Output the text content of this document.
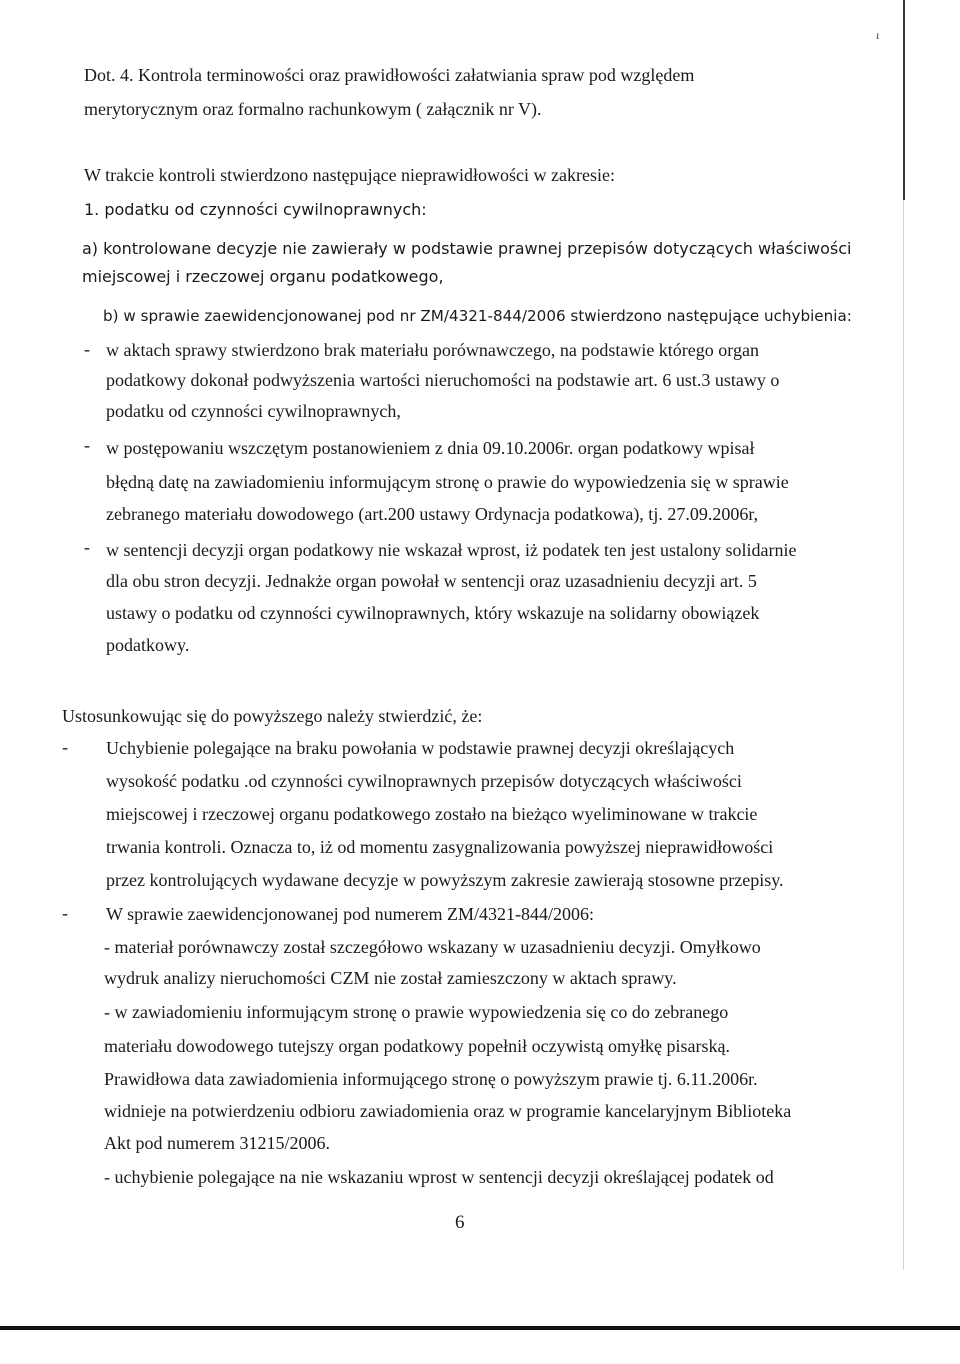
ι
Dot. 4. Kontrola terminowości oraz prawidłowości załatwiania spraw pod względem
merytorycznym oraz formalno rachunkowym ( załącznik nr V).
W trakcie kontroli stwierdzono następujące nieprawidłowości w zakresie:
1. podatku od czynności cywilnoprawnych:
a) kontrolowane decyzje nie zawierały w podstawie prawnej przepisów dotyczących właściwości
miejscowej i rzeczowej organu podatkowego,
b) w sprawie zaewidencjonowanej pod nr ZM/4321-844/2006 stwierdzono następujące uchybienia:
- w aktach sprawy stwierdzono brak materiału porównawczego, na podstawie którego organ
podatkowy dokonał podwyższenia wartości nieruchomości na podstawie art. 6 ust.3 ustawy o
podatku od czynności cywilnoprawnych,
- w postępowaniu wszczętym postanowieniem z dnia 09.10.2006r. organ podatkowy wpisał
błędną datę na zawiadomieniu informującym stronę o prawie do wypowiedzenia się w sprawie
zebranego materiału dowodowego (art.200 ustawy Ordynacja podatkowa), tj. 27.09.2006r,
- w sentencji decyzji organ podatkowy nie wskazał wprost, iż podatek ten jest ustalony solidarnie
dla obu stron decyzji. Jednakże organ powołał w sentencji oraz uzasadnieniu decyzji art. 5
ustawy o podatku od czynności cywilnoprawnych, który wskazuje na solidarny obowiązek
podatkowy.
Ustosunkowując się do powyższego należy stwierdzić, że:
- Uchybienie polegające na braku powołania w podstawie prawnej decyzji określających
wysokość podatku .od czynności cywilnoprawnych przepisów dotyczących właściwości
miejscowej i rzeczowej organu podatkowego zostało na bieżąco wyeliminowane w trakcie
trwania kontroli. Oznacza to, iż od momentu zasygnalizowania powyższej nieprawidłowości
przez kontrolujących wydawane decyzje w powyższym zakresie zawierają stosowne przepisy.
- W sprawie zaewidencjonowanej pod numerem ZM/4321-844/2006:
- materiał porównawczy został szczegółowo wskazany w uzasadnieniu decyzji. Omyłkowo
wydruk analizy nieruchomości CZM nie został zamieszczony w aktach sprawy.
- w zawiadomieniu informującym stronę o prawie wypowiedzenia się co do zebranego
materiału dowodowego tutejszy organ podatkowy popełnił oczywistą omyłkę pisarską.
Prawidłowa data zawiadomienia informującego stronę o powyższym prawie tj. 6.11.2006r.
widnieje na potwierdzeniu odbioru zawiadomienia oraz w programie kancelaryjnym Biblioteka
Akt pod numerem 31215/2006.
- uchybienie polegające na nie wskazaniu wprost w sentencji decyzji określającej podatek od
6
